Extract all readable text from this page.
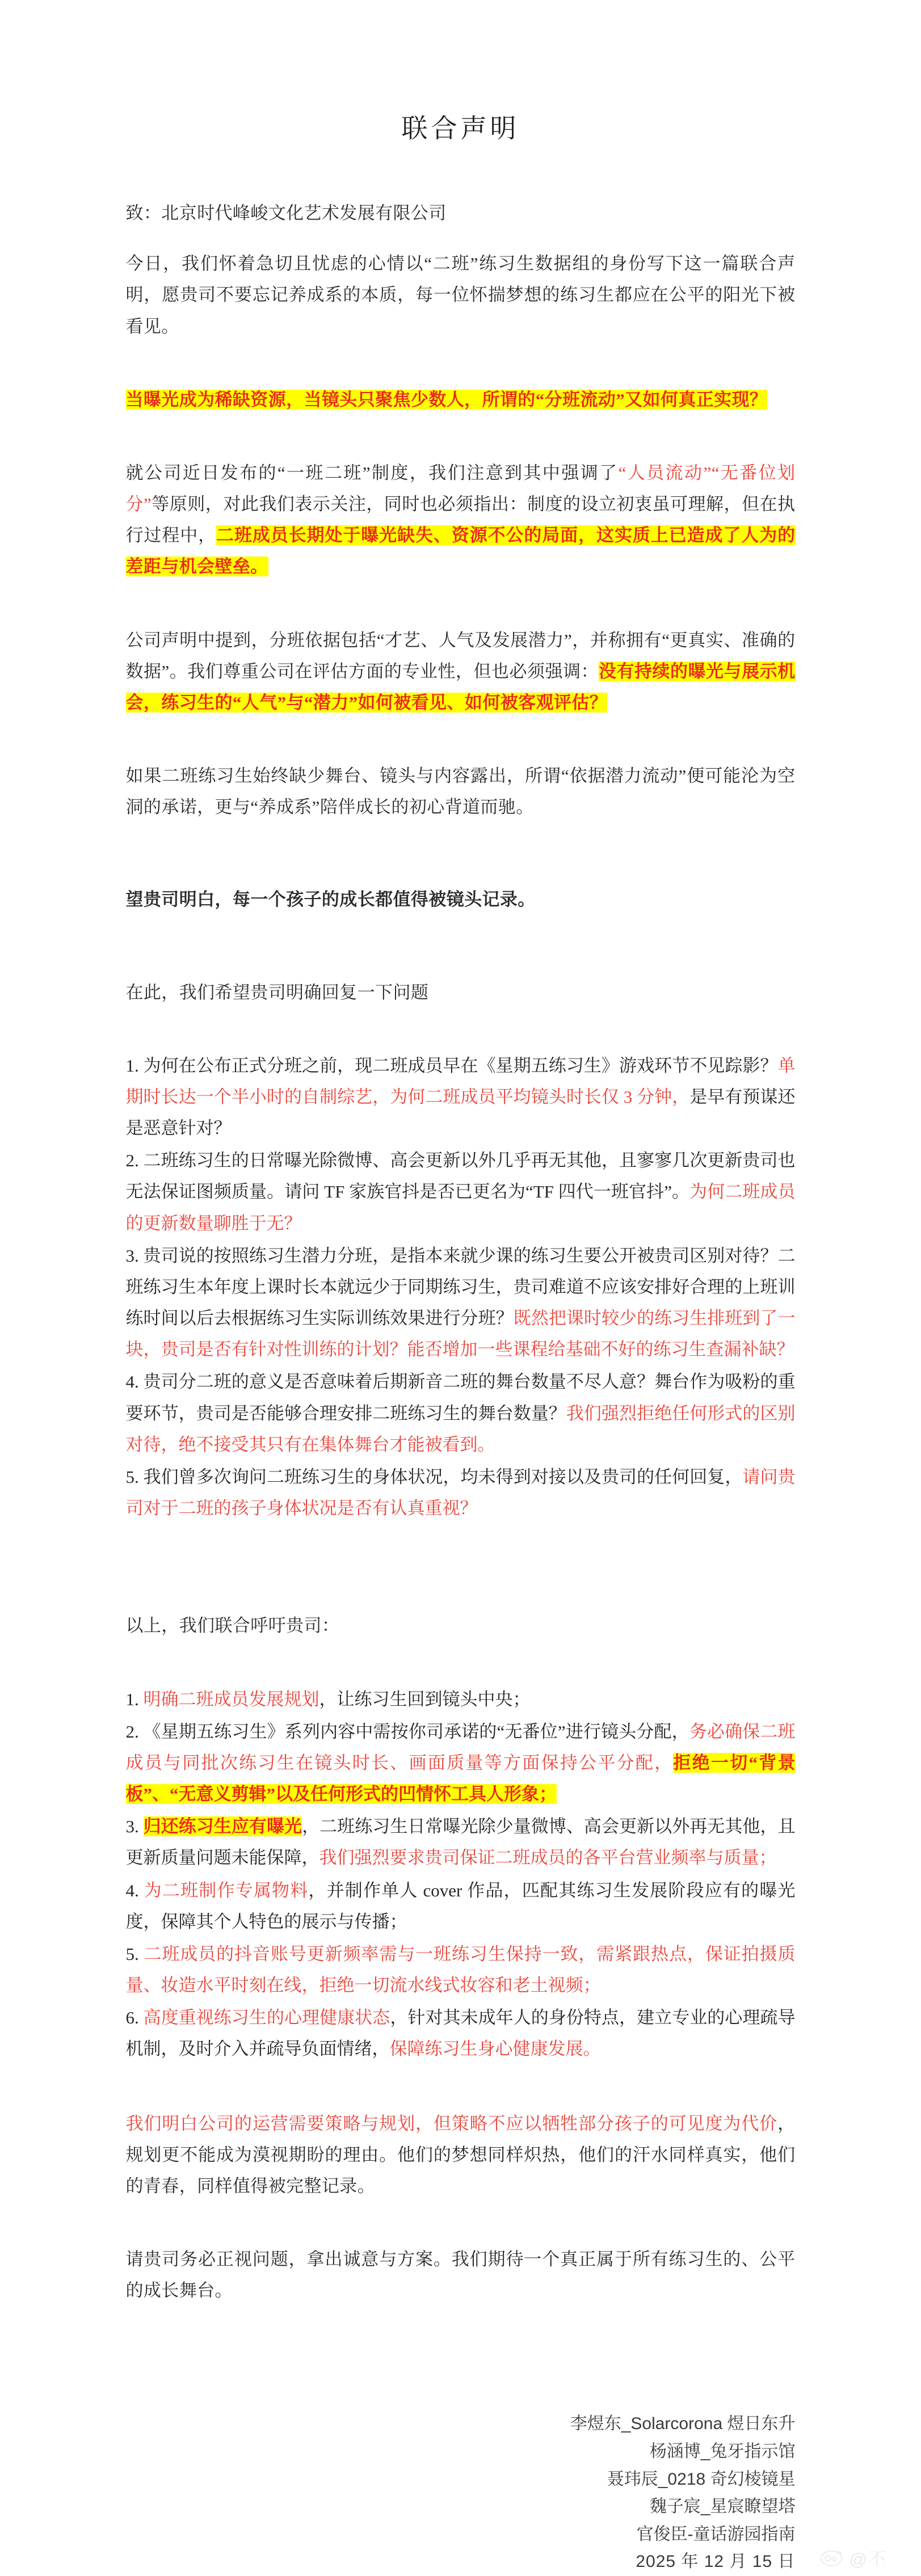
联合声明

致：北京时代峰峻文化艺术发展有限公司

今日，我们怀着急切且忧虑的心情以“二班”练习生数据组的身份写下这一篇联合声明，愿贵司不要忘记养成系的本质，每一位怀揣梦想的练习生都应在公平的阳光下被看见。

当曝光成为稀缺资源，当镜头只聚焦少数人，所谓的“分班流动”又如何真正实现？

就公司近日发布的“一班二班”制度，我们注意到其中强调了“人员流动”“无番位划分”等原则，对此我们表示关注，同时也必须指出：制度的设立初衷虽可理解，但在执行过程中，二班成员长期处于曝光缺失、资源不公的局面，这实质上已造成了人为的差距与机会壁垒。

公司声明中提到，分班依据包括“才艺、人气及发展潜力”，并称拥有“更真实、准确的数据”。我们尊重公司在评估方面的专业性，但也必须强调：没有持续的曝光与展示机会，练习生的“人气”与“潜力”如何被看见、如何被客观评估？

如果二班练习生始终缺少舞台、镜头与内容露出，所谓“依据潜力流动”便可能沦为空洞的承诺，更与“养成系”陪伴成长的初心背道而驰。

望贵司明白，每一个孩子的成长都值得被镜头记录。

在此，我们希望贵司明确回复一下问题

1. 为何在公布正式分班之前，现二班成员早在《星期五练习生》游戏环节不见踪影？单期时长达一个半小时的自制综艺，为何二班成员平均镜头时长仅 3 分钟，是早有预谋还是恶意针对？

2. 二班练习生的日常曝光除微博、高会更新以外几乎再无其他，且寥寥几次更新贵司也无法保证图频质量。请问 TF 家族官抖是否已更名为“TF 四代一班官抖”。为何二班成员的更新数量聊胜于无？

3. 贵司说的按照练习生潜力分班，是指本来就少课的练习生要公开被贵司区别对待？二班练习生本年度上课时长本就远少于同期练习生，贵司难道不应该安排好合理的上班训练时间以后去根据练习生实际训练效果进行分班？既然把课时较少的练习生排班到了一块，贵司是否有针对性训练的计划？能否增加一些课程给基础不好的练习生查漏补缺？

4. 贵司分二班的意义是否意味着后期新音二班的舞台数量不尽人意？舞台作为吸粉的重要环节，贵司是否能够合理安排二班练习生的舞台数量？我们强烈拒绝任何形式的区别对待，绝不接受其只有在集体舞台才能被看到。

5. 我们曾多次询问二班练习生的身体状况，均未得到对接以及贵司的任何回复，请问贵司对于二班的孩子身体状况是否有认真重视？

以上，我们联合呼吁贵司：

1. 明确二班成员发展规划，让练习生回到镜头中央；

2. 《星期五练习生》系列内容中需按你司承诺的“无番位”进行镜头分配，务必确保二班成员与同批次练习生在镜头时长、画面质量等方面保持公平分配，拒绝一切“背景板”、“无意义剪辑”以及任何形式的凹情怀工具人形象；

3. 归还练习生应有曝光，二班练习生日常曝光除少量微博、高会更新以外再无其他，且更新质量问题未能保障，我们强烈要求贵司保证二班成员的各平台营业频率与质量；

4. 为二班制作专属物料，并制作单人 cover 作品，匹配其练习生发展阶段应有的曝光度，保障其个人特色的展示与传播；

5. 二班成员的抖音账号更新频率需与一班练习生保持一致，需紧跟热点，保证拍摄质量、妆造水平时刻在线，拒绝一切流水线式妆容和老土视频；

6. 高度重视练习生的心理健康状态，针对其未成年人的身份特点，建立专业的心理疏导机制，及时介入并疏导负面情绪，保障练习生身心健康发展。

我们明白公司的运营需要策略与规划，但策略不应以牺牲部分孩子的可见度为代价，规划更不能成为漠视期盼的理由。他们的梦想同样炽热，他们的汗水同样真实，他们的青春，同样值得被完整记录。

请贵司务必正视问题，拿出诚意与方案。我们期待一个真正属于所有练习生的、公平的成长舞台。

李煜东_Solarcorona 煜日东升
杨涵博_兔牙指示馆
聂玮辰_0218 奇幻棱镜星
魏子宸_星宸瞭望塔
官俊臣-童话游园指南
2025 年 12 月 15 日	@不
